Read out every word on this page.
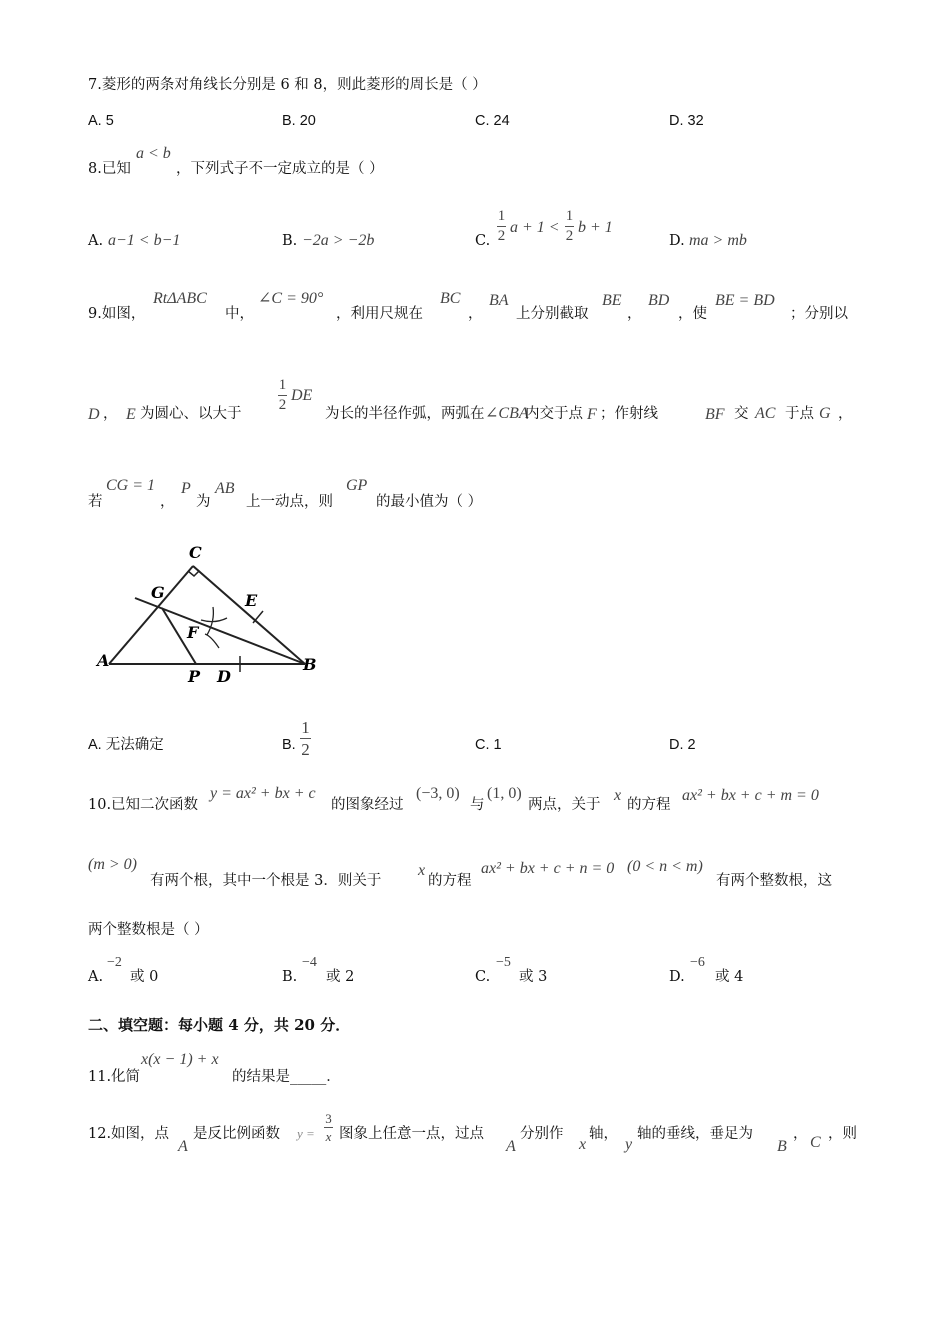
7.菱形的两条对角线长分别是 6 和 8，则此菱形的周长是（ ）
A. 5	B. 20	C. 24	D. 32
8.已知
a < b
，下列式子不一定成立的是（ ）
A. a−1 < b−1	B. −2a > −2b	C.
1
2 a + 1 <
1
2 b + 1
D. ma > mb
9.如图，
RtΔABC
中，
∠C = 90°
，利用尺规在
BC
，
BA
上分别截取
BE
，
BD
，使
BE = BD
；分别以
D ， E 为圆心、以大于
1
2
DE
为长的半径作弧，两弧在 ∠CBA
内交于点 F ；作射线	BF 交 AC 于点 G ，
若
CG = 1
，
P
为
AB
上一动点，则
GP
的最小值为（ ）
C
G	E
F
A
P D
B
A. 无法确定	B.
1
2	C. 1	D. 2
10.已知二次函数
y = ax² + bx + c
的图象经过
(−3, 0)
与
(1, 0)
两点，关于
x
的方程
ax² + bx + c + m = 0
(m > 0)
有两个根，其中一个根是 3．则关于
x
的方程
ax² + bx + c + n = 0 (0 < n < m)
有两个整数根，这
两个整数根是（ ）
A.
−2
或 0	B.
−4
或 2	C.
−5
或 3	D.
−6
或 4
二、填空题：每小题 4 分，共 20 分．
11.化简
x(x − 1) + x
的结果是_____．
12.如图，点
A
是反比例函数 y =
3
x 图象上任意一点，过点
A
分别作
x
轴，
y
轴的垂线，垂足为
B
， C ，则
